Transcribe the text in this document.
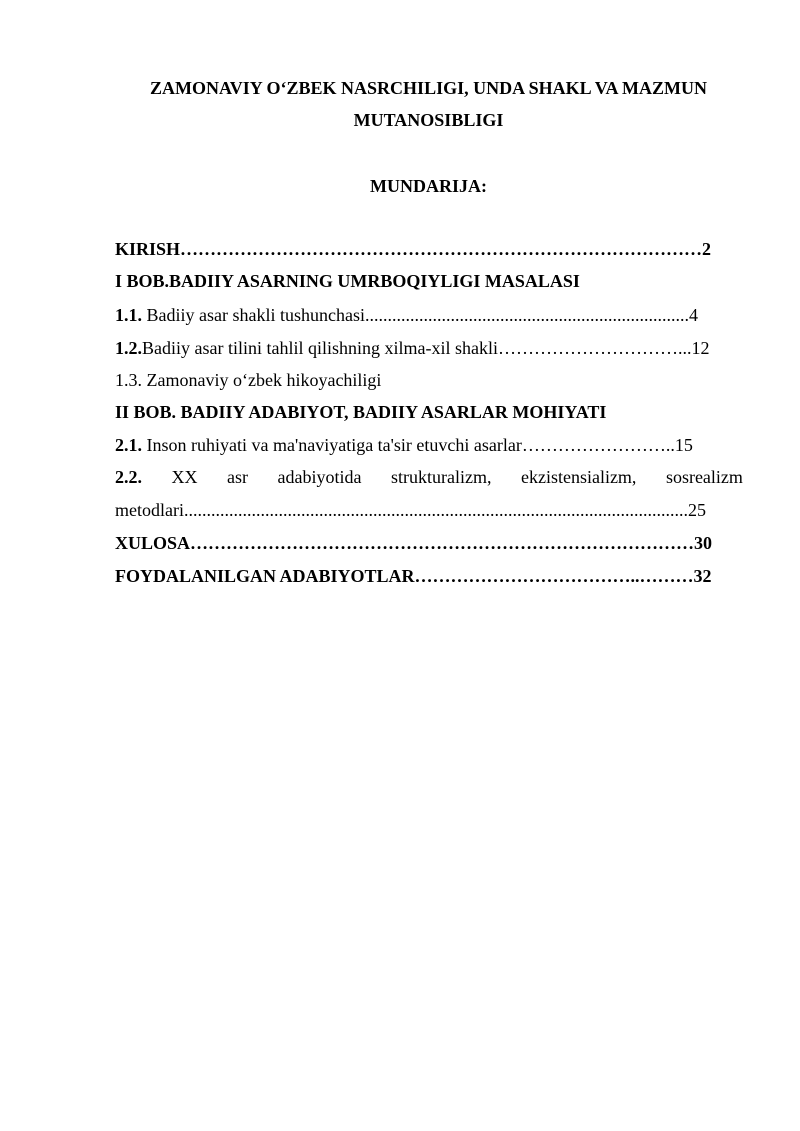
ZAMONAVIY O‘ZBEK NASRCHILIGI, UNDA SHAKL VA MAZMUN MUTANOSIBLIGI
MUNDARIJA:
KIRISH……………………………………………………………………………2
I BOB.BADIIY ASARNING UMRBOQIYLIGI MASALASI
1.1. Badiiy asar shakli tushunchasi........................................................................4
1.2.Badiiy asar tilini tahlil qilishning xilma-xil shakli…………………………...12
1.3. Zamonaviy o‘zbek hikoyachiligi
II BOB. BADIIY ADABIYOT, BADIIY ASARLAR MOHIYATI
2.1. Inson ruhiyati va ma'naviyatiga ta'sir etuvchi asarlar……………………..15
2.2. XX asr adabiyotida strukturalizm, ekzistensializm, sosrealizm
metodlari................................................................................................................25
XULOSA…………………………………………………………………………30
FOYDALANILGAN ADABIYOTLAR………………………………..………32
